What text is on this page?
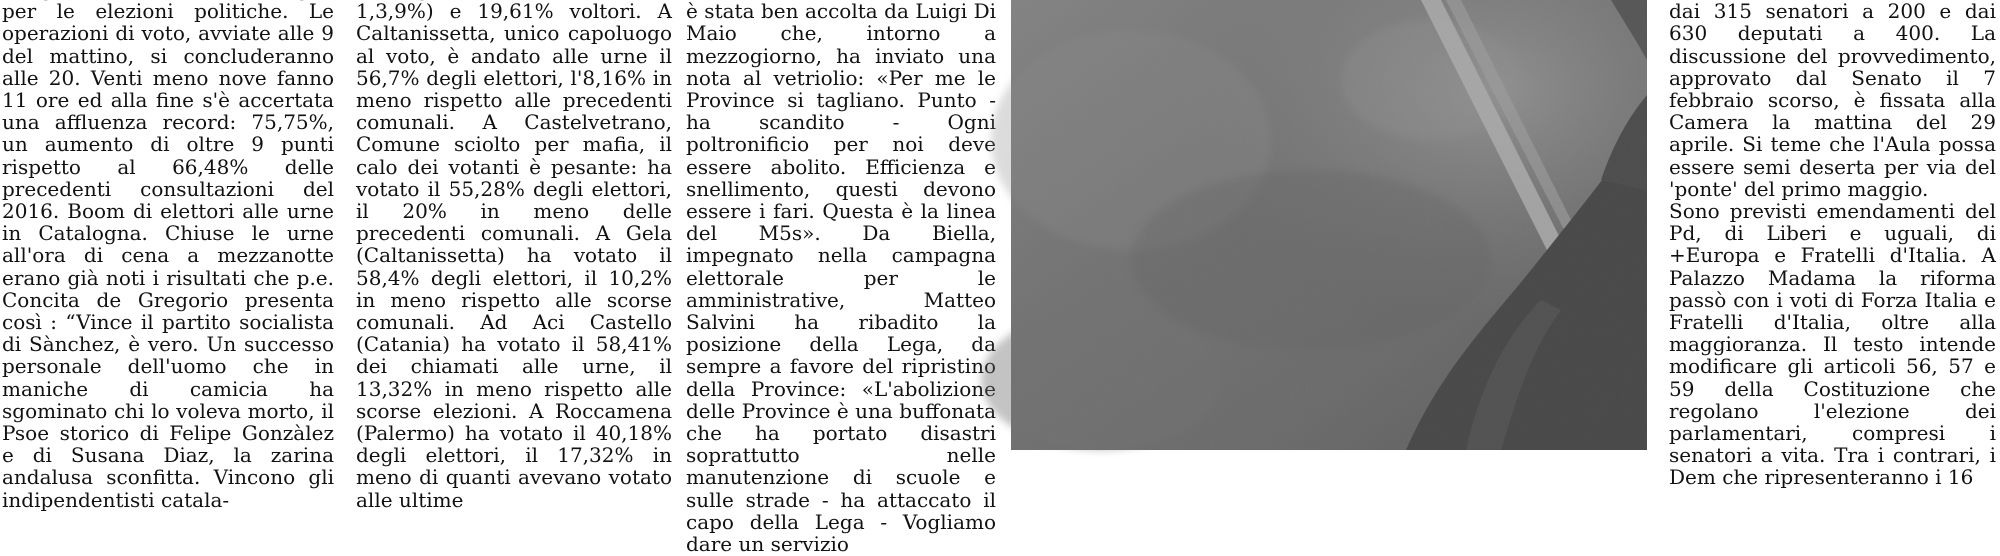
per le elezioni politiche. Le operazioni di voto, avviate alle 9 del mattino, si concluderanno alle 20. Venti meno nove fanno 11 ore ed alla fine s'è accertata una affluenza record: 75,75%, un aumento di oltre 9 punti rispetto al 66,48% delle precedenti consultazioni del 2016. Boom di elettori alle urne in Catalogna. Chiuse le urne all'ora di cena a mezzanotte erano già noti i risultati che p.e. Concita de Gregorio presenta così : “Vince il partito socialista di Sànchez, è vero. Un successo personale dell'uomo che in maniche di camicia ha sgominato chi lo voleva morto, il Psoe storico di Felipe Gonzàlez e di Susana Diaz, la zarina andalusa sconfitta. Vincono gli indipendentisti catala-

1,3,9%) e 19,61% voltori. A Caltanissetta, unico capoluogo al voto, è andato alle urne il 56,7% degli elettori, l'8,16% in meno rispetto alle precedenti comunali. A Castelvetrano, Comune sciolto per mafia, il calo dei votanti è pesante: ha votato il 55,28% degli elettori, il 20% in meno delle precedenti comunali. A Gela (Caltanissetta) ha votato il 58,4% degli elettori, il 10,2% in meno rispetto alle scorse comunali. Ad Aci Castello (Catania) ha votato il 58,41% dei chiamati alle urne, il 13,32% in meno rispetto alle scorse elezioni. A Roccamena (Palermo) ha votato il 40,18% degli elettori, il 17,32% in meno di quanti avevano votato alle ultime

è stata ben accolta da Luigi Di Maio che, intorno a mezzogiorno, ha inviato una nota al vetriolio: «Per me le Province si tagliano. Punto - ha scandito - Ogni poltronificio per noi deve essere abolito. Efficienza e snellimento, questi devono essere i fari. Questa è la linea del M5s». Da Biella, impegnato nella campagna elettorale per le amministrative, Matteo Salvini ha ribadito la posizione della Lega, da sempre a favore del ripristino della Province: «L'abolizione delle Province è una buffonata che ha portato disastri soprattutto nelle manutenzione di scuole e sulle strade - ha attaccato il capo della Lega - Vogliamo dare un servizio

dai 315 senatori a 200 e dai 630 deputati a 400. La discussione del provvedimento, approvato dal Senato il 7 febbraio scorso, è fissata alla Camera la mattina del 29 aprile. Si teme che l'Aula possa essere semi deserta per via del 'ponte' del primo maggio.

Sono previsti emendamenti del Pd, di Liberi e uguali, di +Europa e Fratelli d'Italia. A Palazzo Madama la riforma passò con i voti di Forza Italia e Fratelli d'Italia, oltre alla maggioranza. Il testo intende modificare gli articoli 56, 57 e 59 della Costituzione che regolano l'elezione dei parlamentari, compresi i senatori a vita. Tra i contrari, i Dem che ripresenteranno i 16
